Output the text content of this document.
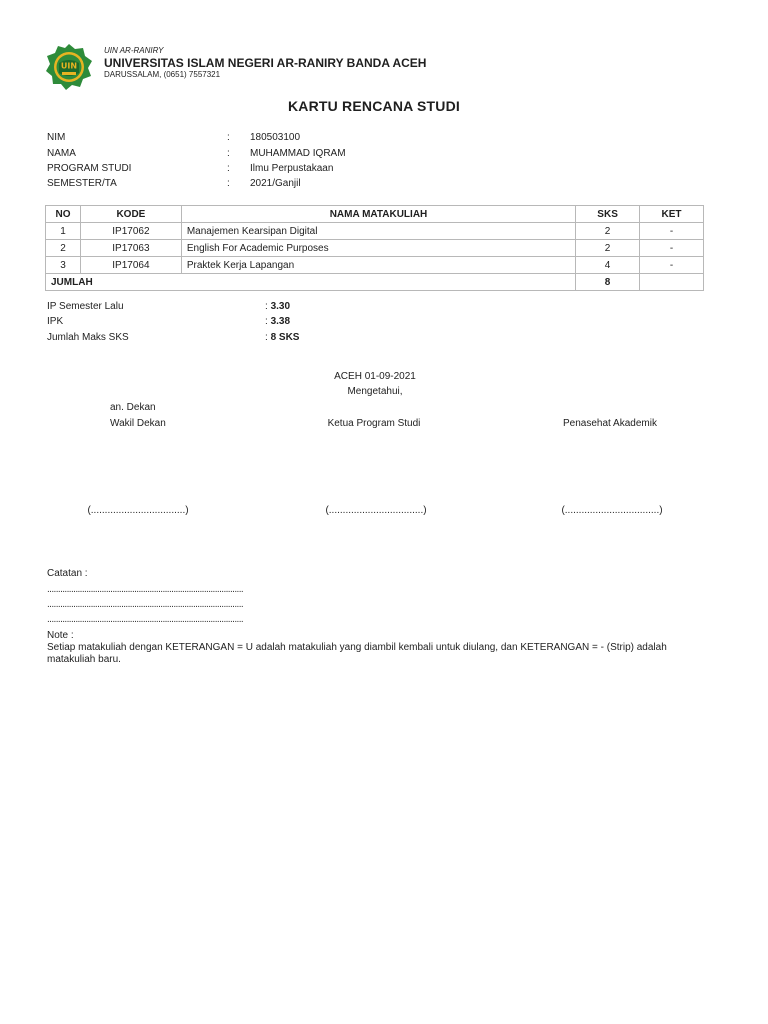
UIN
UIN AR-RANIRY
UNIVERSITAS ISLAM NEGERI AR-RANIRY BANDA ACEH
DARUSSALAM, (0651) 7557321
KARTU RENCANA STUDI
NIM	: 180503100
NAMA	: MUHAMMAD IQRAM
PROGRAM STUDI	: Ilmu Perpustakaan
SEMESTER/TA	: 2021/Ganjil
NO	KODE	NAMA MATAKULIAH	SKS	KET
1	IP17062	Manajemen Kearsipan Digital	2	-
2	IP17063	English For Academic Purposes	2	-
3	IP17064	Praktek Kerja Lapangan	4	-
JUMLAH			8	
IP Semester Lalu	: 3.30
IPK	: 3.38
Jumlah Maks SKS	: 8 SKS
ACEH 01-09-2021
Mengetahui,
an. Dekan
Wakil Dekan	Ketua Program Studi	Penasehat Akademik
(..................................)	(..................................)	(..................................)
Catatan :
..........................................................................................
..........................................................................................
..........................................................................................
Note :
Setiap matakuliah dengan KETERANGAN = U adalah matakuliah yang diambil kembali untuk diulang, dan KETERANGAN = - (Strip) adalah matakuliah baru.
